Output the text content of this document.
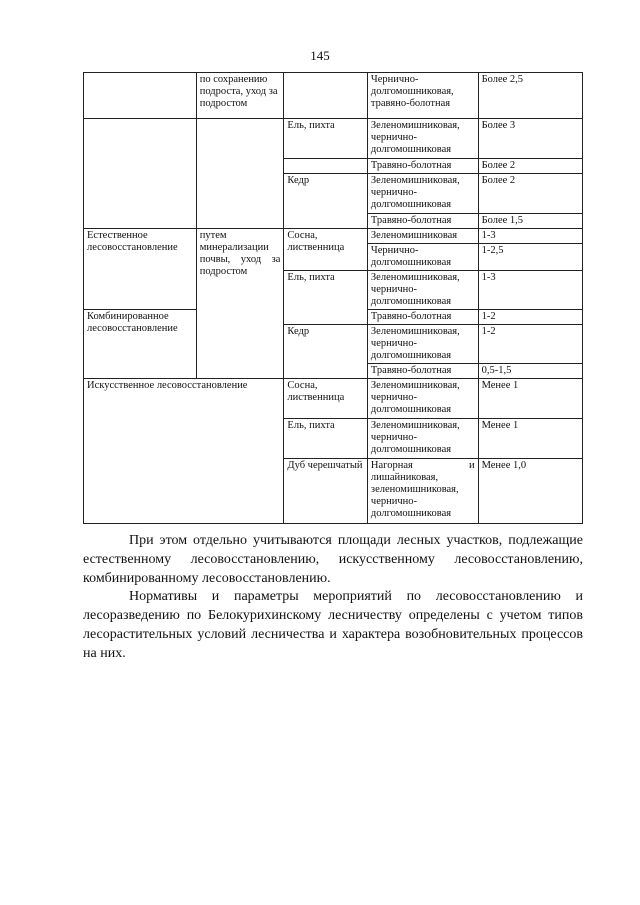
145
	по сохранению подроста, уход за подростом		Чернично-долгомошниковая, травяно-болотная	Более 2,5
		Ель, пихта	Зеленомишниковая, чернично-долгомошниковая	Более 3
			Травяно-болотная	Более 2
		Кедр	Зеленомишниковая, чернично-долгомошниковая	Более 2
			Травяно-болотная	Более 1,5
Естественное лесовосстановление	путем минерализации почвы, уход за подростом	Сосна, лиственница	Зеленомишниковая	1-3
			Чернично-долгомошниковая	1-2,5
		Ель, пихта	Зеленомишниковая, чернично-долгомошниковая	1-3
Комбинированное лесовосстановление			Травяно-болотная	1-2
		Кедр	Зеленомишниковая, чернично-долгомошниковая	1-2
			Травяно-болотная	0,5-1,5
Искусственное лесовосстановление		Сосна, лиственница	Зеленомишниковая, чернично-долгомошниковая	Менее 1
		Ель, пихта	Зеленомишниковая, чернично-долгомошниковая	Менее 1
		Дуб черешчатый	Нагорная и лишайниковая, зеленомишниковая, чернично-долгомошниковая	Менее 1,0

При этом отдельно учитываются площади лесных участков, подлежащие естественному лесовосстановлению, искусственному лесовосстановлению, комбинированному лесовосстановлению.

Нормативы и параметры мероприятий по лесовосстановлению и лесоразведению по Белокурихинскому лесничеству определены с учетом типов лесорастительных условий лесничества и характера возобновительных процессов на них.
